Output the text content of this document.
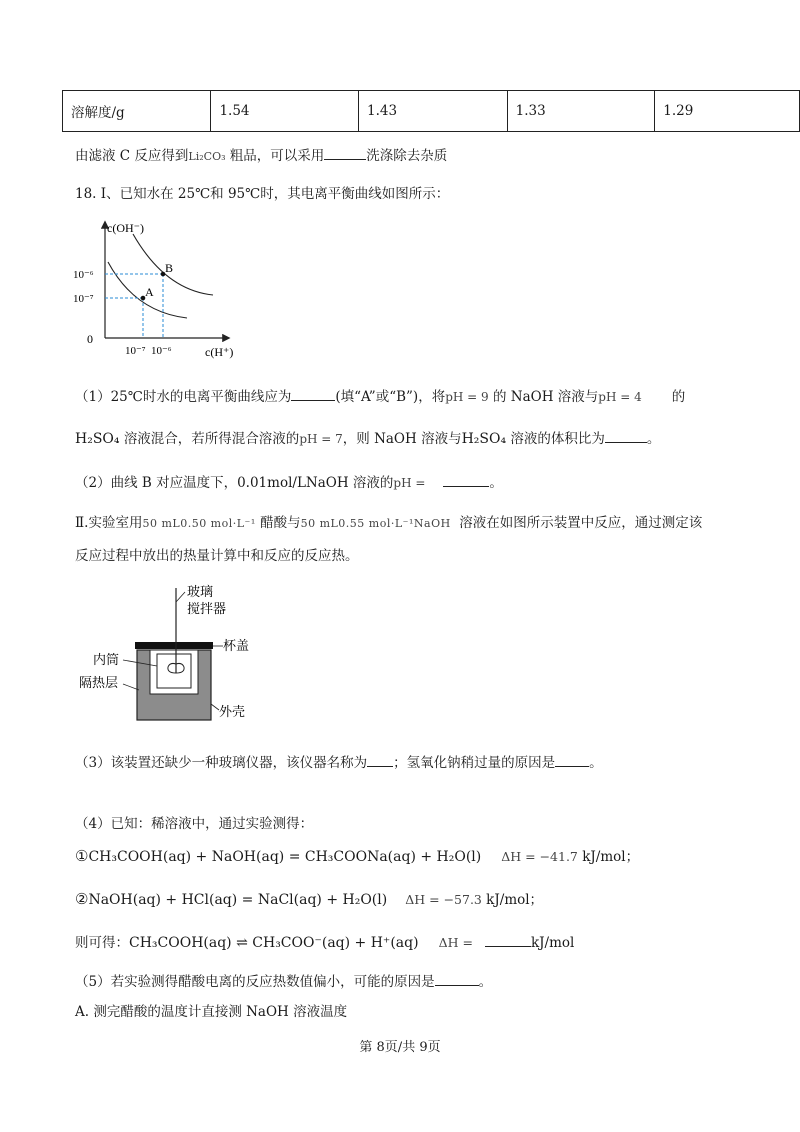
溶解度/g	1.54	1.43	1.33	1.29
由滤液 C 反应得到Li₂CO₃ 粗品，可以采用	洗涤除去杂质
18. Ⅰ、已知水在 25℃和 95℃时，其电离平衡曲线如图所示：
A
B
c(OH⁻)
c(H⁺)
0
10⁻⁶
10⁻⁷
10⁻⁷ 10⁻⁶
（1）25℃时水的电离平衡曲线应为	(填“A”或“B”)，将pH = 9 的 NaOH 溶液与pH = 4 的
H₂SO₄ 溶液混合，若所得混合溶液的pH = 7，则 NaOH 溶液与H₂SO₄ 溶液的体积比为	。
（2）曲线 B 对应温度下，0.01mol/LNaOH 溶液的pH =	。
Ⅱ.实验室用50 mL0.50 mol·L⁻¹ 醋酸与50 mL0.55 mol·L⁻¹NaOH 溶液在如图所示装置中反应，通过测定该
反应过程中放出的热量计算中和反应的反应热。
玻璃
搅拌器
杯盖
内筒
隔热层
外壳
（3）该装置还缺少一种玻璃仪器，该仪器名称为 ；氢氧化钠稍过量的原因是	。
（4）已知：稀溶液中，通过实验测得：
①CH₃COOH(aq) + NaOH(aq) = CH₃COONa(aq) + H₂O(l) ΔH = −41.7 kJ/mol；
②NaOH(aq) + HCl(aq) = NaCl(aq) + H₂O(l) ΔH = −57.3 kJ/mol；
则可得：CH₃COOH(aq) ⇌ CH₃COO⁻(aq) + H⁺(aq) ΔH =	kJ/mol
（5）若实验测得醋酸电离的反应热数值偏小，可能的原因是	。
A. 测完醋酸的温度计直接测 NaOH 溶液温度
第 8页/共 9页
